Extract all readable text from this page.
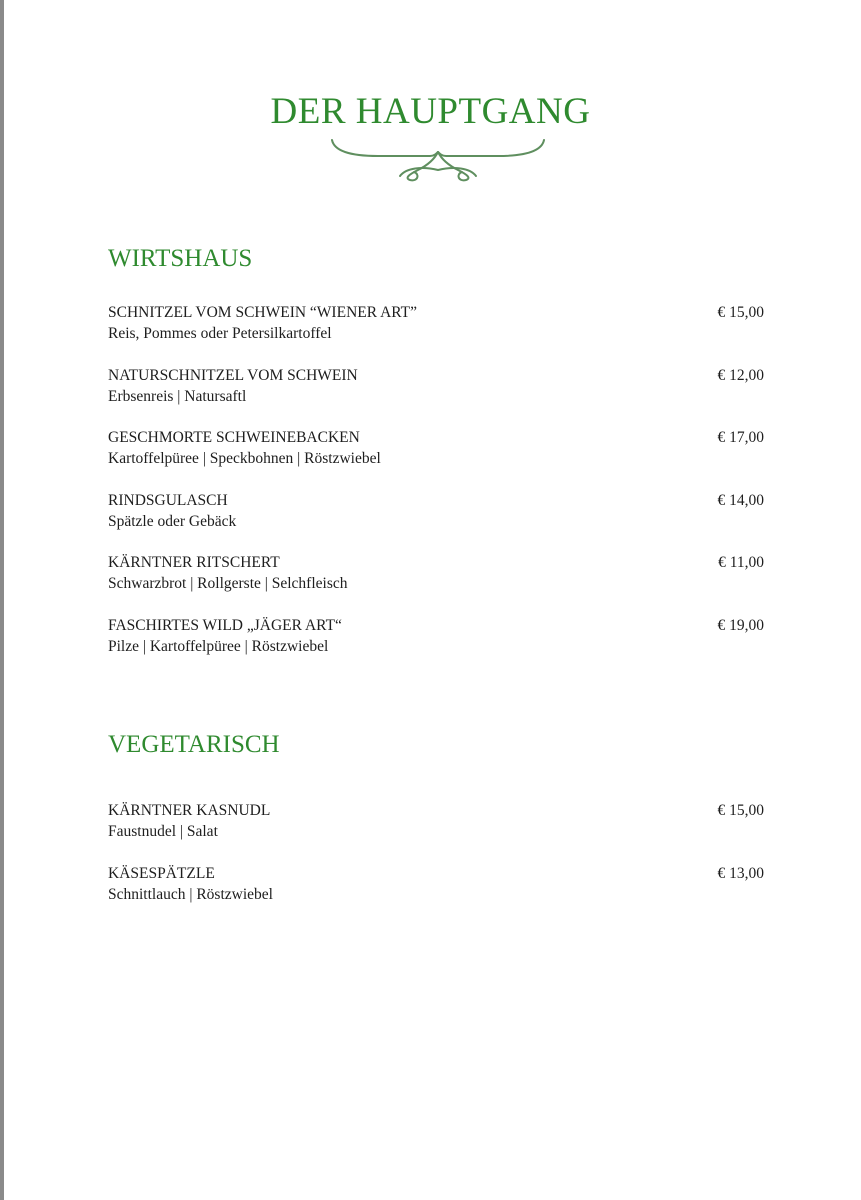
DER HAUPTGANG
WIRTSHAUS
SCHNITZEL VOM SCHWEIN “WIENER ART”
Reis, Pommes oder Petersilkartoffel
€ 15,00
NATURSCHNITZEL VOM SCHWEIN
Erbsenreis | Natursaftl
€ 12,00
GESCHMORTE SCHWEINEBACKEN
Kartoffelpüree | Speckbohnen | Röstzwiebel
€ 17,00
RINDSGULASCH
Spätzle oder Gebäck
€ 14,00
KÄRNTNER RITSCHERT
Schwarzbrot | Rollgerste | Selchfleisch
€ 11,00
FASCHIRTES WILD „JÄGER ART“
Pilze | Kartoffelpüree | Röstzwiebel
€ 19,00
VEGETARISCH
KÄRNTNER KASNUDL
Faustnudel | Salat
€ 15,00
KÄSESPÄTZLE
Schnittlauch | Röstzwiebel
€ 13,00
